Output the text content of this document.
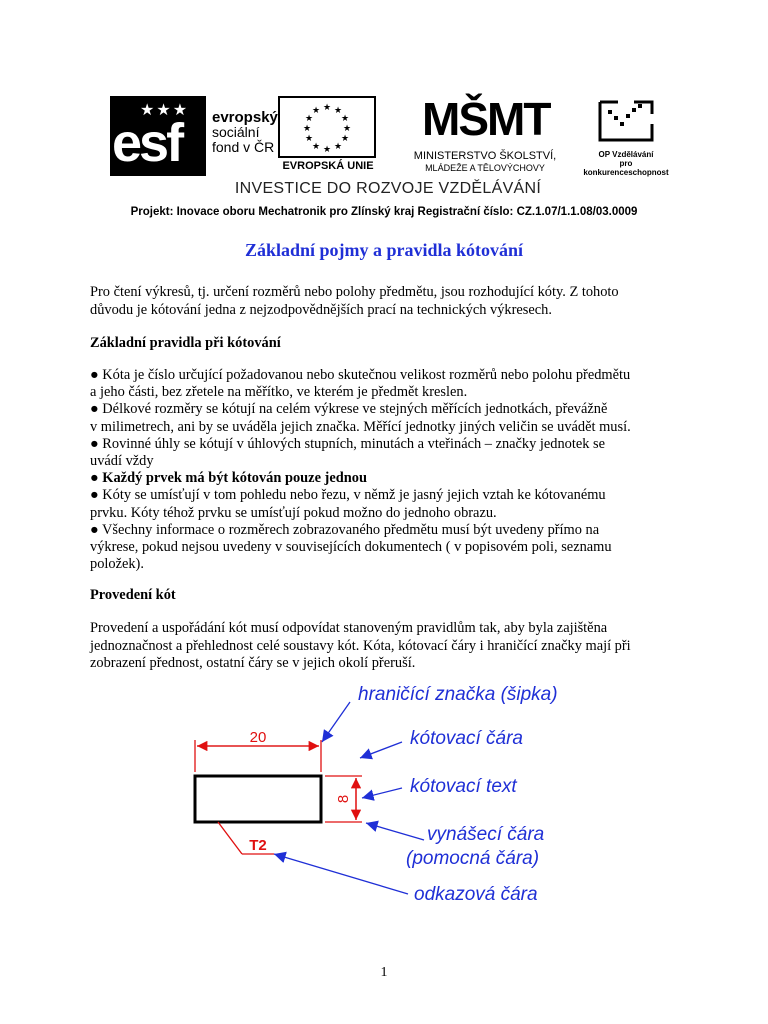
★★★
esf evropský
sociální
fond v ČR
★ ★
★
★
★
★
★
★
★
★
★
★
EVROPSKÁ UNIE
MŠMT
MINISTERSTVO ŠKOLSTVÍ,
MLÁDEŽE A TĚLOVÝCHOVY
OP Vzdělávání
pro konkurenceschopnost
INVESTICE DO ROZVOJE VZDĚLÁVÁNÍ
Projekt: Inovace oboru Mechatronik pro Zlínský kraj Registrační číslo: CZ.1.07/1.1.08/03.0009
Základní pojmy a pravidla kótování
Pro čtení výkresů, tj. určení rozměrů nebo polohy předmětu, jsou rozhodující kóty. Z tohoto
důvodu je kótování jedna z nejzodpovědnějších prací na technických výkresech.
Základní pravidla při kótování
● Kóta je číslo určující požadovanou nebo skutečnou velikost rozměrů nebo polohu předmětu
a jeho části, bez zřetele na měřítko, ve kterém je předmět kreslen.
● Délkové rozměry se kótují na celém výkrese ve stejných měřících jednotkách, převážně
v milimetrech, ani by se uváděla jejich značka. Měřící jednotky jiných veličin se uvádět musí.
● Rovinné úhly se kótují v úhlových stupních, minutách a vteřinách – značky jednotek se
uvádí vždy
● Každý prvek má být kótován pouze jednou
● Kóty se umísťují v tom pohledu nebo řezu, v němž je jasný jejich vztah ke kótovanému
prvku. Kóty téhož prvku se umísťují pokud možno do jednoho obrazu.
● Všechny informace o rozměrech zobrazovaného předmětu musí být uvedeny přímo na
výkrese, pokud nejsou uvedeny v souvisejících dokumentech ( v popisovém poli, seznamu
položek).
Provedení kót
Provedení a uspořádání kót musí odpovídat stanoveným pravidlům tak, aby byla zajištěna
jednoznačnost a přehlednost celé soustavy kót. Kóta, kótovací čáry i hraničící značky mají při
zobrazení přednost, ostatní čáry se v jejich okolí přeruší.
20
8
T2
hraničící značka (šipka)
kótovací čára
kótovací text
vynášecí čára
(pomocná čára)
odkazová čára
1
